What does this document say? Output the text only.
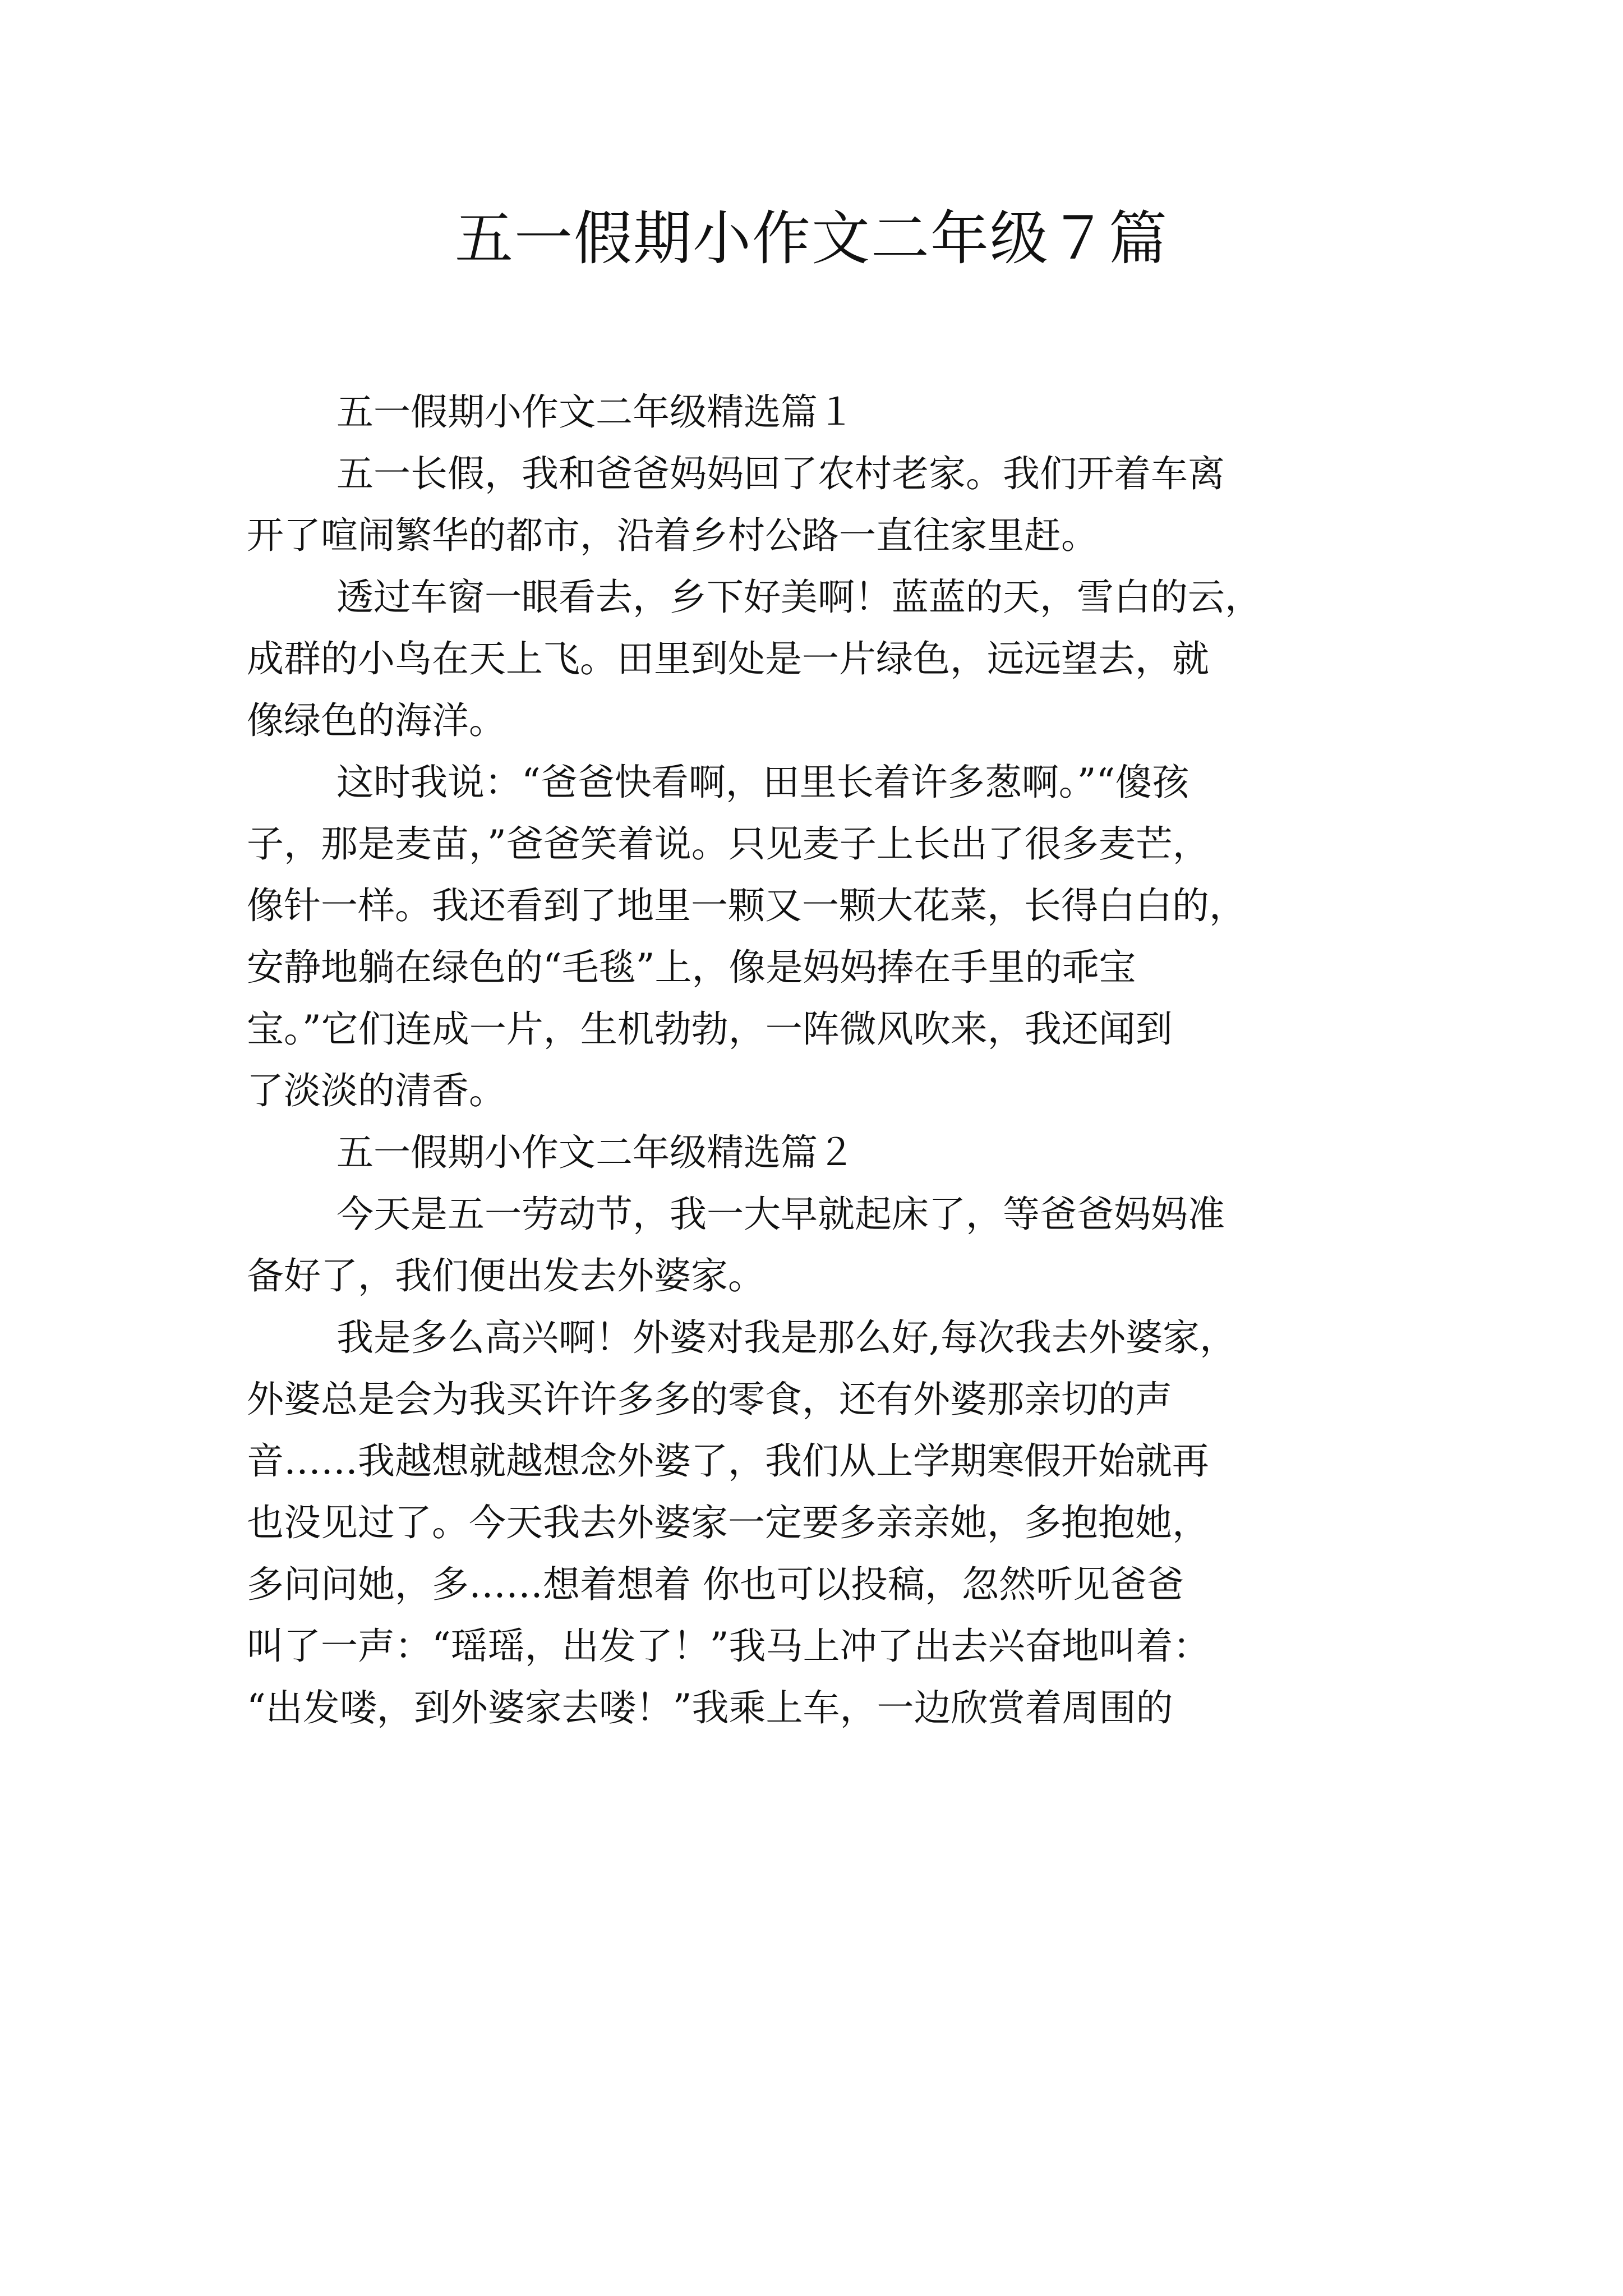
五一假期小作文二年级７篇

五一假期小作文二年级精选篇１

五一长假，我和爸爸妈妈回了农村老家。我们开着车离
开了喧闹繁华的都市，沿着乡村公路一直往家里赶。

透过车窗一眼看去，乡下好美啊！蓝蓝的天，雪白的云，
成群的小鸟在天上飞。田里到处是一片绿色，远远望去，就
像绿色的海洋。

这时我说：“爸爸快看啊，田里长着许多葱啊。”“傻孩
子，那是麦苗，”爸爸笑着说。只见麦子上长出了很多麦芒，
像针一样。我还看到了地里一颗又一颗大花菜，长得白白的，
安静地躺在绿色的“毛毯”上，像是妈妈捧在手里的乖宝
宝。”它们连成一片，生机勃勃，一阵微风吹来，我还闻到
了淡淡的清香。

五一假期小作文二年级精选篇２

今天是五一劳动节，我一大早就起床了，等爸爸妈妈准
备好了，我们便出发去外婆家。

我是多么高兴啊！外婆对我是那么好,每次我去外婆家，
外婆总是会为我买许许多多的零食，还有外婆那亲切的声
音……我越想就越想念外婆了，我们从上学期寒假开始就再
也没见过了。今天我去外婆家一定要多亲亲她，多抱抱她，
多问问她，多……想着想着 你也可以投稿，忽然听见爸爸
叫了一声：“瑶瑶，出发了！”我马上冲了出去兴奋地叫着：
“出发喽，到外婆家去喽！”我乘上车，一边欣赏着周围的
